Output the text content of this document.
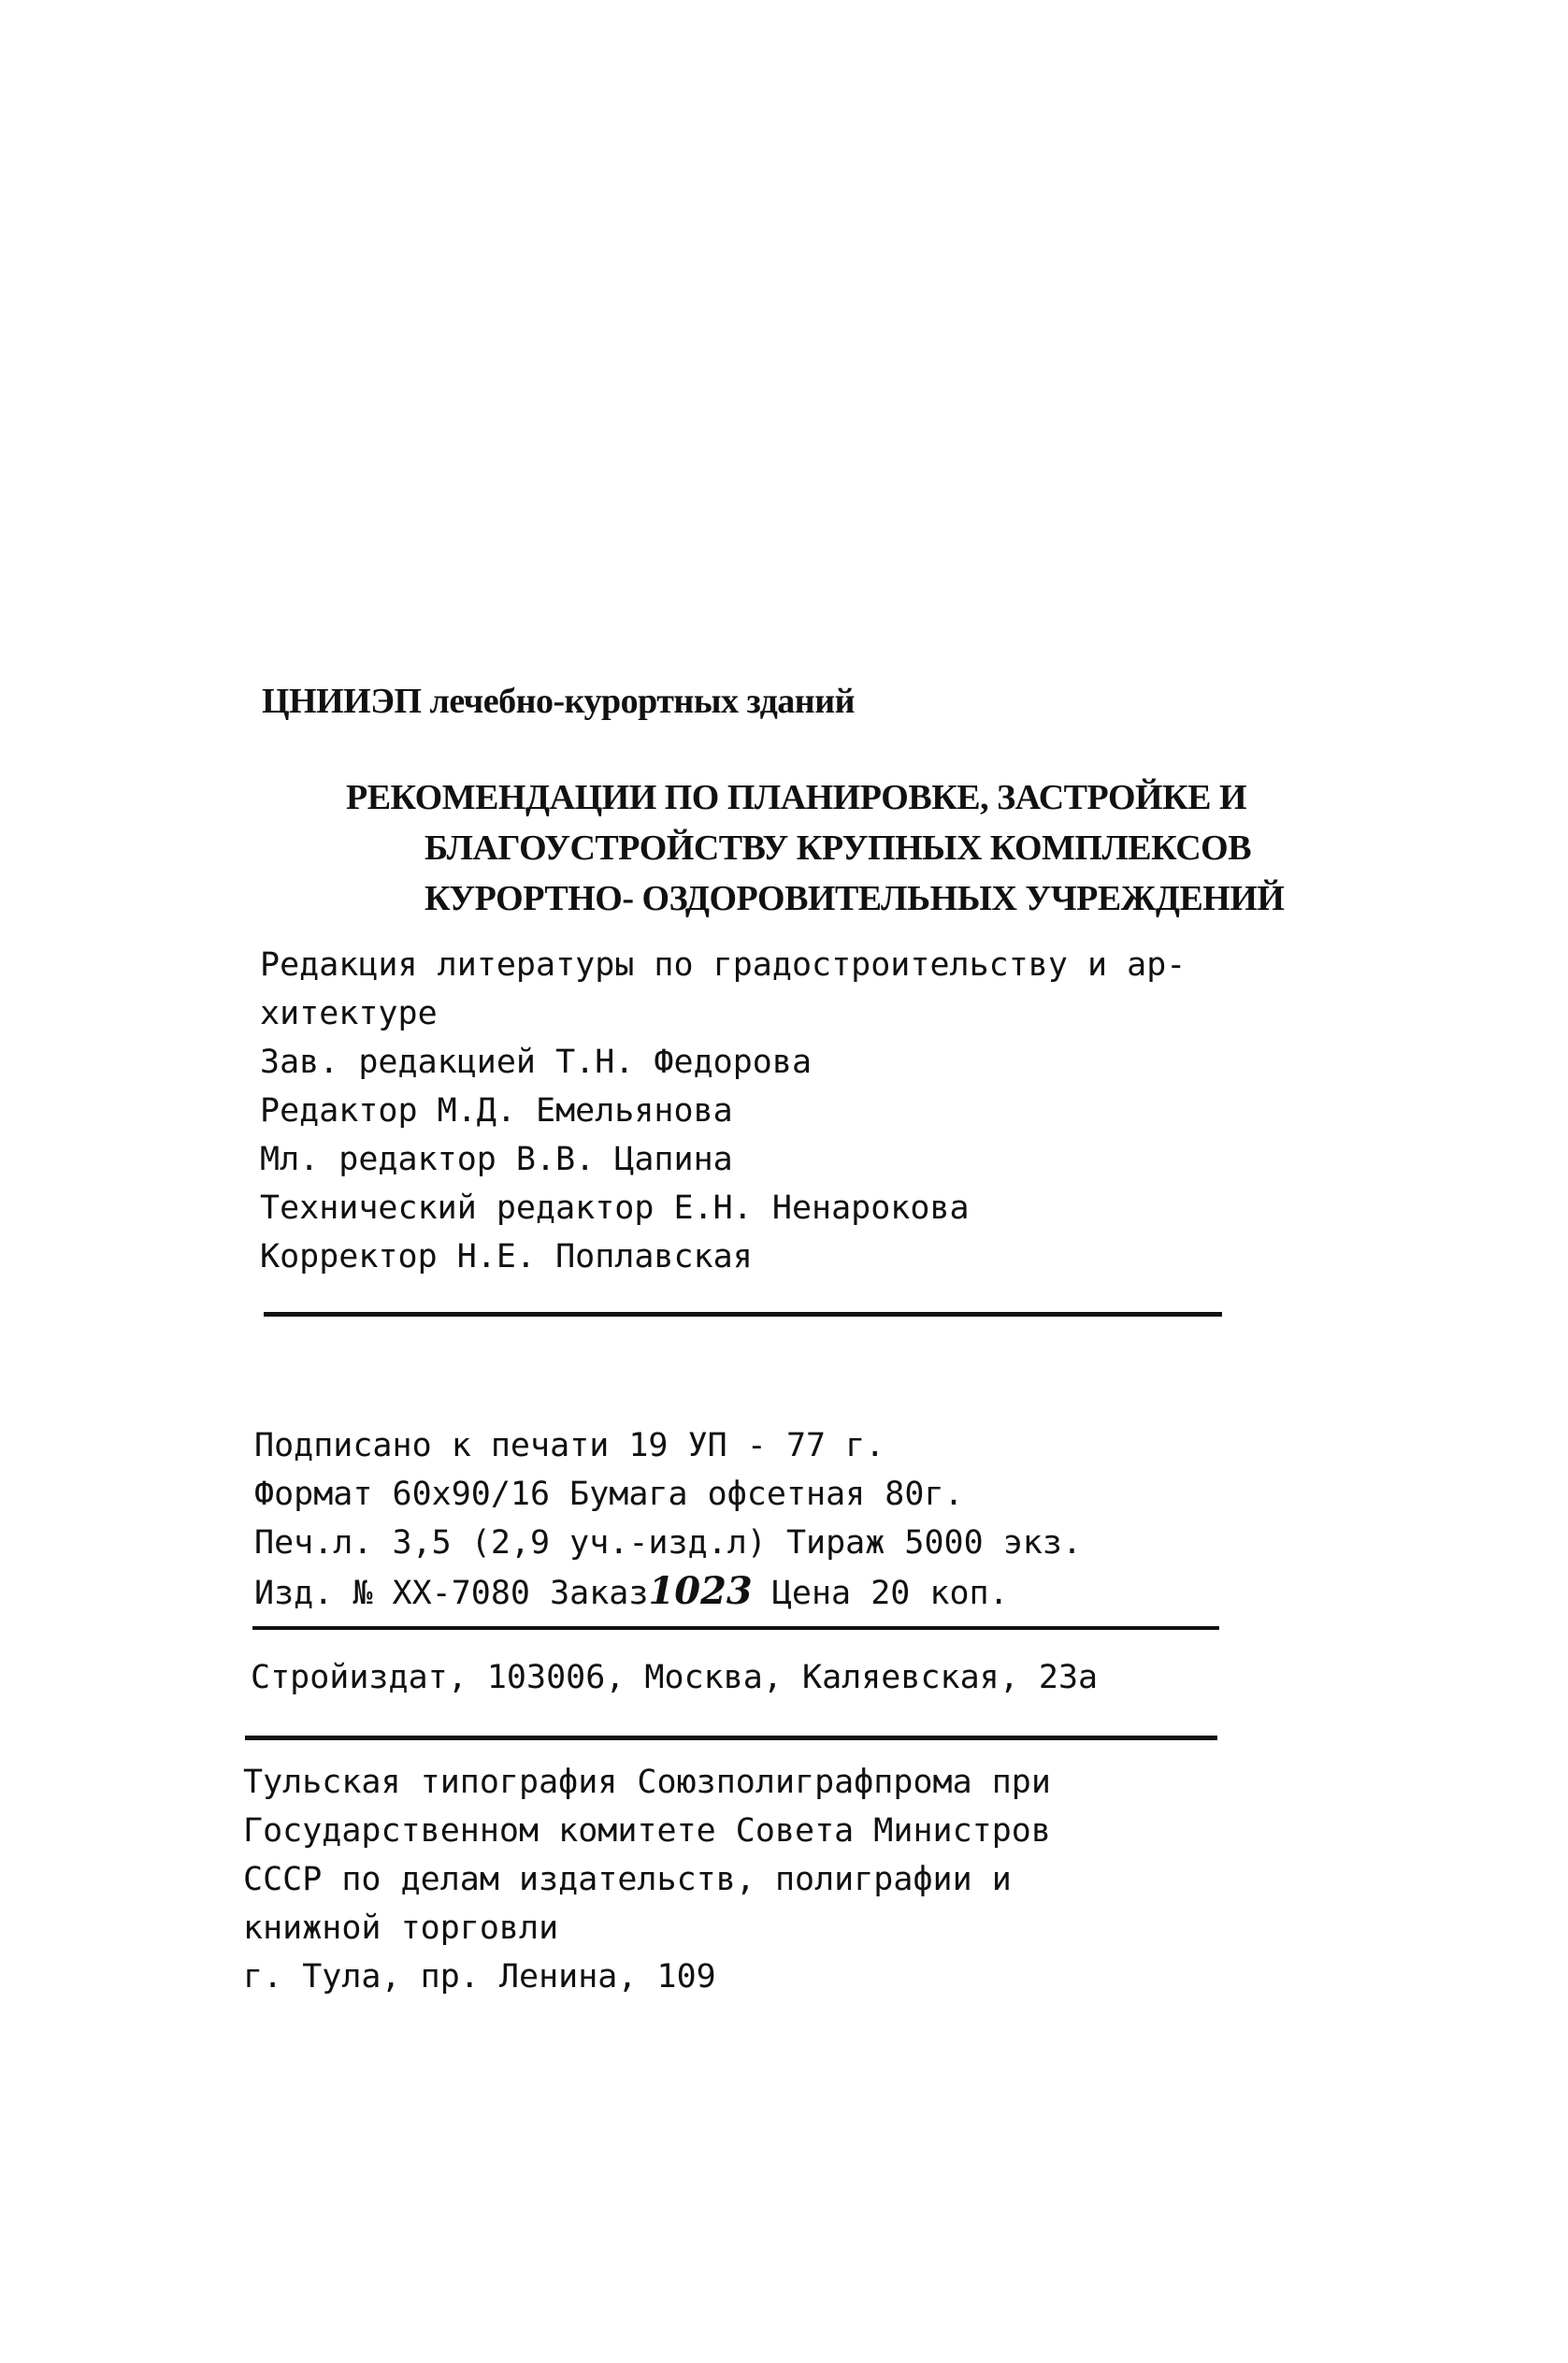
ЦНИИЭП лечебно-курортных зданий
РЕКОМЕНДАЦИИ ПО ПЛАНИРОВКЕ, ЗАСТРОЙКЕ И
БЛАГОУСТРОЙСТВУ КРУПНЫХ КОМПЛЕКСОВ
КУРОРТНО- ОЗДОРОВИТЕЛЬНЫХ УЧРЕЖДЕНИЙ
Редакция литературы по градостроительству и ар-
хитектуре
Зав. редакцией Т.Н. Федорова
Редактор М.Д. Емельянова
Мл. редактор В.В. Цапина
Технический редактор Е.Н. Ненарокова
Корректор Н.Е. Поплавская
Подписано к печати 19 УП - 77 г.
Формат 60х90/16 Бумага офсетная 80г.
Печ.л. 3,5 (2,9 уч.-изд.л) Тираж 5000 экз.
Изд. № ХХ-7080 Заказ1023 Цена 20 коп.
Стройиздат, 103006, Москва, Каляевская, 23а
Тульская типография Союзполиграфпрома при
Государственном комитете Совета Министров
СССР по делам издательств, полиграфии и
книжной торговли
г. Тула, пр. Ленина, 109
